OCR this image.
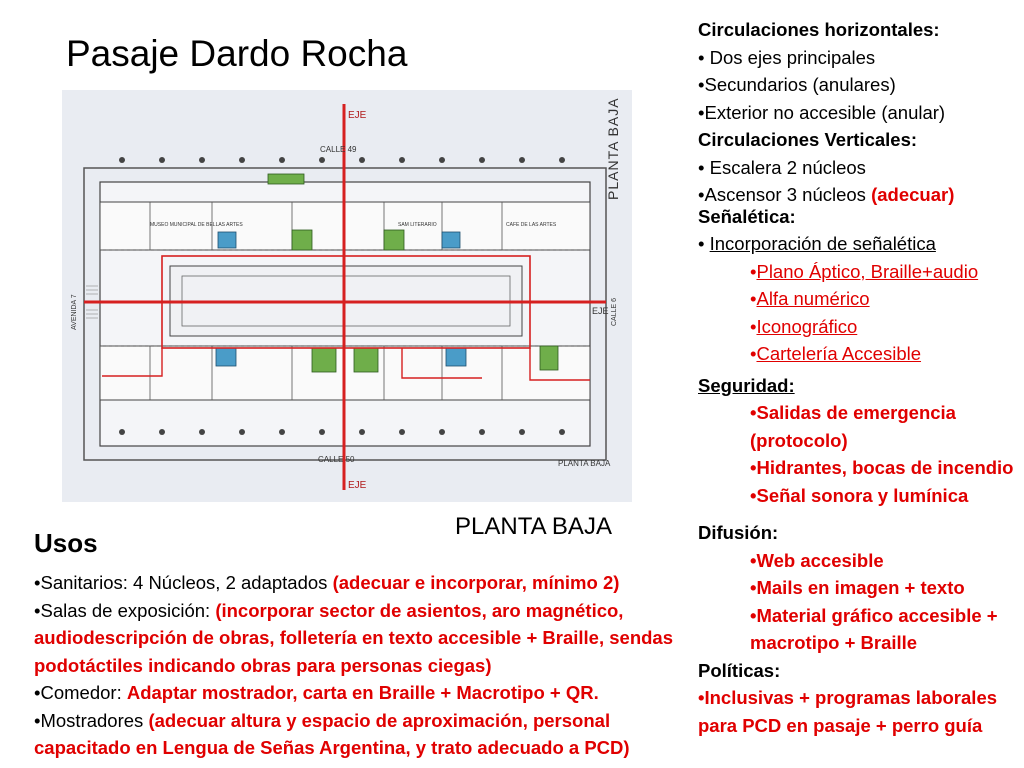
Pasaje Dardo Rocha
EJE
EJE
EJE
CALLE 49
CALLE 50	PLANTA BAJA
MUSEO MUNICIPAL DE BELLAS ARTES	SAM LITERARIO	CAFE DE LAS ARTES
AVENIDA 7	CALLE 6
PLANTA BAJA
PLANTA BAJA
Circulaciones horizontales:
• Dos ejes principales
•Secundarios (anulares)
•Exterior no accesible (anular)
Circulaciones Verticales:
• Escalera 2 núcleos
•Ascensor 3 núcleos (adecuar)
Señalética:
• Incorporación de señalética
•Plano Áptico, Braille+audio
•Alfa numérico
•Iconográfico
•Cartelería Accesible
Seguridad:
•Salidas de emergencia (protocolo)
•Hidrantes, bocas de incendio
•Señal sonora y lumínica
Difusión:
•Web accesible
•Mails en imagen + texto
•Material gráfico accesible + macrotipo + Braille
Políticas:
•Inclusivas + programas laborales para PCD en pasaje + perro guía
Usos
•Sanitarios: 4 Núcleos, 2 adaptados (adecuar e incorporar, mínimo 2)
•Salas de exposición: (incorporar sector de asientos, aro magnético, audiodescripción de obras, folletería en texto accesible + Braille, sendas podotáctiles indicando obras para personas ciegas)
•Comedor: Adaptar mostrador, carta en Braille + Macrotipo + QR.
•Mostradores (adecuar altura y espacio de aproximación, personal capacitado en Lengua de Señas Argentina, y trato adecuado a PCD)
